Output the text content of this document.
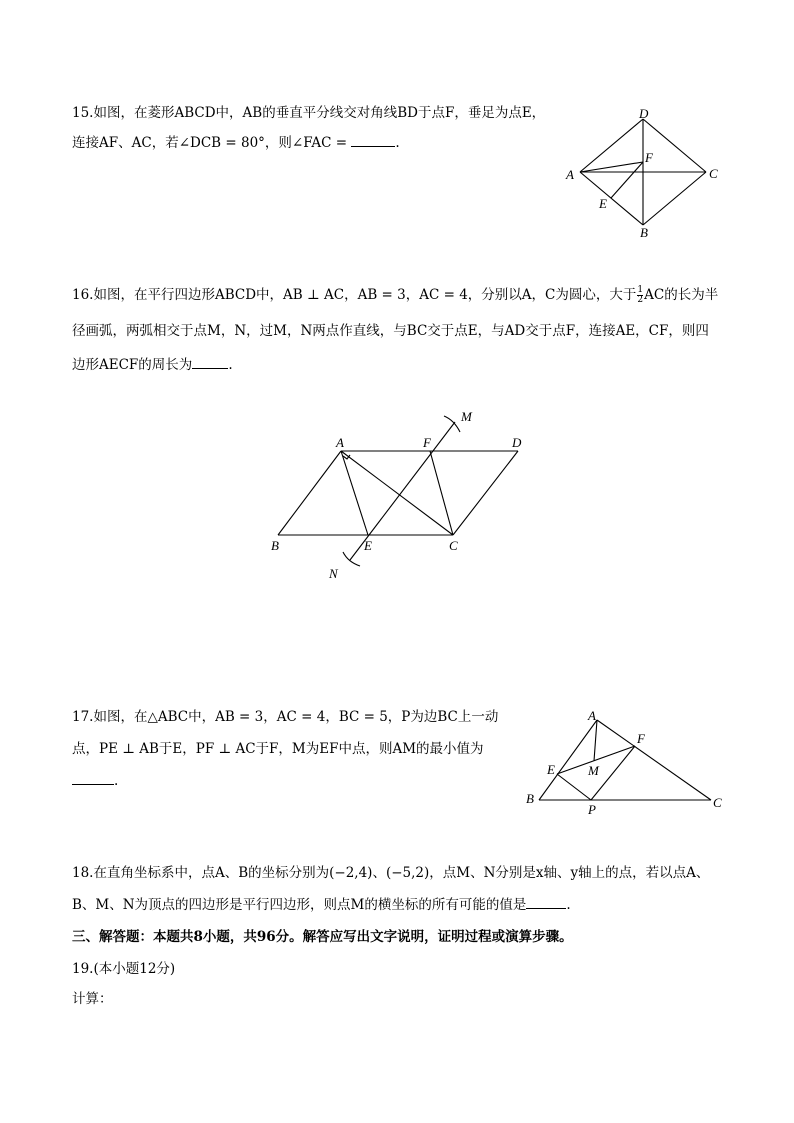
15.如图，在菱形ABCD中，AB的垂直平分线交对角线BD于点F，垂足为点E，
连接AF、AC，若∠DCB = 80°，则∠FAC =	.
D
F
A	C
E
B
16.如图，在平行四边形ABCD中，AB ⊥ AC，AB = 3，AC = 4，分别以A，C为圆心，大于 $\frac{1}{2}$ AC的长为半
径画弧，两弧相交于点M，N，过M，N两点作直线，与BC交于点E，与AD交于点F，连接AE，CF，则四
边形AECF的周长为	.
M
A	F	D
B	E	C
N
17.如图，在△ABC中，AB = 3，AC = 4，BC = 5，P为边BC上一动
点，PE ⊥ AB于E，PF ⊥ AC于F，M为EF中点，则AM的最小值为
.
A
F
E	M
B
P	C
18.在直角坐标系中，点A、B的坐标分别为(−2,4)、(−5,2)，点M、N分别是x轴、y轴上的点，若以点A、
B、M、N为顶点的四边形是平行四边形，则点M的横坐标的所有可能的值是	.
三、解答题：本题共8小题，共96分。解答应写出文字说明，证明过程或演算步骤。
19.(本小题12分)
计算：
